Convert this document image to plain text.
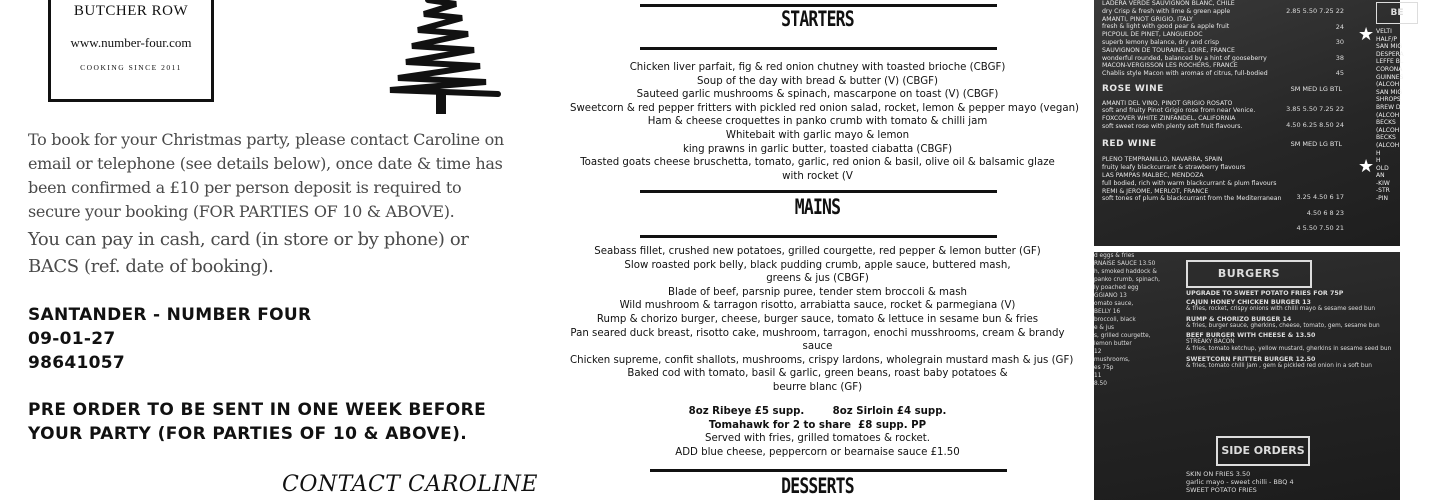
BUTCHER ROW
www.number-four.com
COOKING SINCE 2011
To book for your Christmas party, please contact Caroline on email or telephone (see details below), once date & time has been confirmed a £10 per person deposit is required to secure your booking (FOR PARTIES OF 10 & ABOVE).
You can pay in cash, card (in store or by phone) or BACS (ref. date of booking).
SANTANDER - NUMBER FOUR
09-01-27
98641057
PRE ORDER TO BE SENT IN ONE WEEK BEFORE YOUR PARTY (FOR PARTIES OF 10 & ABOVE).
CONTACT CAROLINE
STARTERS
Chicken liver parfait, fig & red onion chutney with toasted brioche (CBGF)
Soup of the day with bread & butter (V) (CBGF)
Sauteed garlic mushrooms & spinach, mascarpone on toast (V) (CBGF)
Sweetcorn & red pepper fritters with pickled red onion salad, rocket, lemon & pepper mayo (vegan)
Ham & cheese croquettes in panko crumb with tomato & chilli jam
Whitebait with garlic mayo & lemon
king prawns in garlic butter, toasted ciabatta (CBGF)
Toasted goats cheese bruschetta, tomato, garlic, red onion & basil, olive oil & balsamic glaze
with rocket (V
MAINS
Seabass fillet, crushed new potatoes, grilled courgette, red pepper & lemon butter (GF)
Slow roasted pork belly, black pudding crumb, apple sauce, buttered mash,
greens & jus (CBGF)
Blade of beef, parsnip puree, tender stem broccoli & mash
Wild mushroom & tarragon risotto, arrabiatta sauce, rocket & parmegiana (V)
Rump & chorizo burger, cheese, burger sauce, tomato & lettuce in sesame bun & fries
Pan seared duck breast, risotto cake, mushroom, tarragon, enochi musshrooms, cream & brandy
sauce
Chicken supreme, confit shallots, mushrooms, crispy lardons, wholegrain mustard mash & jus (GF)
Baked cod with tomato, basil & garlic, green beans, roast baby potatoes &
beurre blanc (GF)
8oz Ribeye £5 supp.        8oz Sirloin £4 supp.
Tomahawk for 2 to share  £8 supp. PP
Served with fries, grilled tomatoes & rocket.
ADD blue cheese, peppercorn or bearnaise sauce £1.50
DESSERTS
LADERA VERDE SAUVIGNON BLANC, CHILE
dry Crisp & fresh with lime & green apple
AMANTI, PINOT GRIGIO, ITALY
fresh & light with good pear & apple fruit
PICPOUL DE PINET, LANGUEDOC
superb lemony balance, dry and crisp
SAUVIGNON DE TOURAINE, LOIRE, FRANCE
wonderful rounded, balanced by a hint of gooseberry
MACON-VERGISSON LES ROCHERS, FRANCE
Chablis style Macon with aromas of citrus, full-bodied
ROSE WINE	SM MED LG BTL
AMANTI DEL VINO, PINOT GRIGIO ROSATO
soft and fruity Pinot Grigio rose from near Venice.
FOXCOVER WHITE ZINFANDEL, CALIFORNIA
soft sweet rose with plenty soft fruit flavours.
RED WINE	SM MED LG BTL
PLENO TEMPRANILLO, NAVARRA, SPAIN
fruity leafy blackcurrant & strawberry flavours
LAS PAMPAS MALBEC, MENDOZA
full bodied, rich with warm blackcurrant & plum flavours
REMI & JEROME, MERLOT, FRANCE
soft tones of plum & blackcurrant from the Mediterranean
2.85 5.50 7.25 22
24
30
38
45
3.85 5.50 7.25 22
4.50 6.25 8.50 24
3.25 4.50 6 17
4.50 6 8 23
4 5.50 7.50 21
BE
VELTI
HALF/P
SAN MIG
DESPERA
LEFFE BL
CORONA
GUINNES
(ALCOH
SAN MIG
SHROPS
BREW D
(ALCOH
BECKS
(ALCOH
BECKS
(ALCOH
H
H
OLD
AN
-KIW
-STR
-PIN
★
★
d eggs & fries
RNAISE SAUCE 13.50
h, smoked haddock &
panko crumb, spinach,
ly poached egg
GGIANO 13
omato sauce,
BELLY 16
broccoli, black
e & jus
s, grilled courgette,
lemon butter
12
mushrooms,
es 75p
11
8.50
BURGERS
UPGRADE TO SWEET POTATO FRIES FOR 75P
CAJUN HONEY CHICKEN BURGER 13
& fries, rocket, crispy onions with chilli mayo & sesame seed bun
RUMP & CHORIZO BURGER 14
& fries, burger sauce, gherkins, cheese, tomato, gem, sesame bun
BEEF BURGER WITH CHEESE & 13.50
STREAKY BACON
& fries, tomato ketchup, yellow mustard, gherkins in sesame seed bun
SWEETCORN FRITTER BURGER 12.50
& fries, tomato chilli jam , gem & pickled red onion in a soft bun
SIDE ORDERS
SKIN ON FRIES 3.50
garlic mayo - sweet chilli - BBQ 4
SWEET POTATO FRIES
